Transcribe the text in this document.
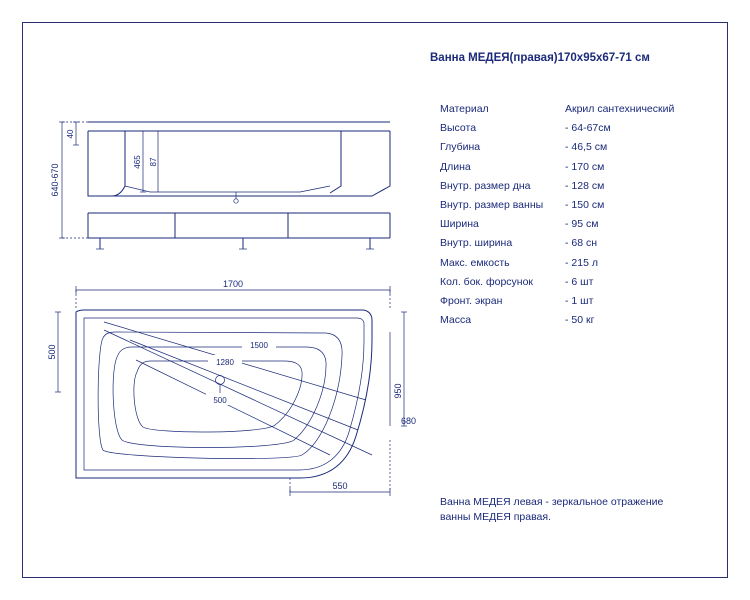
Ванна МЕДЕЯ(правая)170x95x67-71 см
Материал	Акрил сантехнический
Высота	- 64-67см
Глубина	- 46,5 см
Длина	- 170 см
Внутр. размер дна	- 128 см
Внутр. размер ванны	- 150 см
Ширина	- 95 см
Внутр. ширина	- 68 сн
Макс. емкость	- 215 л
Кол. бок. форсунок	- 6 шт
Фронт. экран	- 1 шт
Масса	- 50 кг
Ванна МЕДЕЯ левая - зеркальное отражение
ванны МЕДЕЯ правая.
640-670
40
465 87
1700
500	1500
1280
500
950
680
550
